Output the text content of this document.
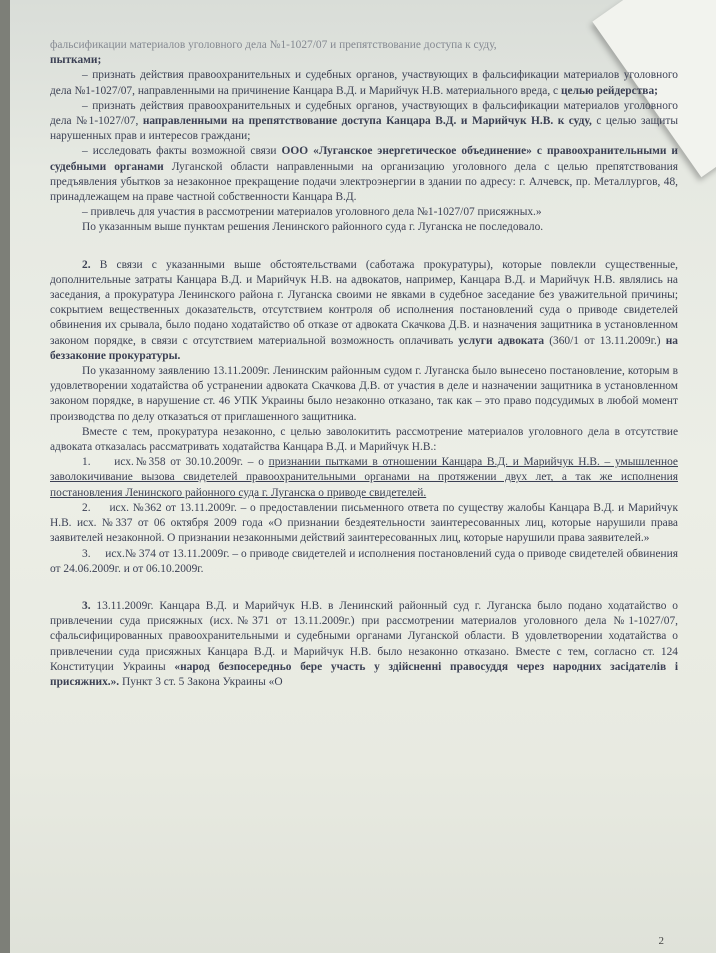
фальсификации материалов уголовного дела №1-1027/07 и препятствование доступа к суду,

пытками;

– признать действия правоохранительных и судебных органов, участвующих в фальсификации материалов уголовного дела №1-1027/07, направленными на причинение Канцара В.Д. и Марийчук Н.В. материального вреда, с целью рейдерства;

– признать действия правоохранительных и судебных органов, участвующих в фальсификации материалов уголовного дела №1-1027/07, направленными на препятствование доступа Канцара В.Д. и Марийчук Н.В. к суду, с целью защиты нарушенных прав и интересов граждани;

– исследовать факты возможной связи ООО «Луганское энергетическое объединение» с правоохранительными и судебными органами Луганской области направленными на организацию уголовного дела с целью препятствования предъявления убытков за незаконное прекращение подачи электроэнергии в здании по адресу: г. Алчевск, пр. Металлургов, 48, принадлежащем на праве частной собственности Канцара В.Д.

– привлечь для участия в рассмотрении материалов уголовного дела №1-1027/07 присяжных.»

По указанным выше пунктам решения Ленинского районного суда г. Луганска не последовало.

2. В связи с указанными выше обстоятельствами (саботажа прокуратуры), которые повлекли существенные, дополнительные затраты Канцара В.Д. и Марийчук Н.В. на адвокатов, например, Канцара В.Д. и Марийчук Н.В. являлись на заседания, а прокуратура Ленинского района г. Луганска своими не явками в судебное заседание без уважительной причины; сокрытием вещественных доказательств, отсутствием контроля об исполнения постановлений суда о приводе свидетелей обвинения их срывала, было подано ходатайство об отказе от адвоката Скачкова Д.В. и назначения защитника в установленном законом порядке, в связи с отсутствием материальной возможность оплачивать услуги адвоката (360/1 от 13.11.2009г.) на беззаконие прокуратуры.

По указанному заявлению 13.11.2009г. Ленинским районным судом г. Луганска было вынесено постановление, которым в удовлетворении ходатайства об устранении адвоката Скачкова Д.В. от участия в деле и назначении защитника в установленном законом порядке, в нарушение ст. 46 УПК Украины было незаконно отказано, так как – это право подсудимых в любой момент производства по делу отказаться от приглашенного защитника.

Вместе с тем, прокуратура незаконно, с целью заволокитить рассмотрение материалов уголовного дела в отсутствие адвоката отказалась рассматривать ходатайства Канцара В.Д. и Марийчук Н.В.:

1. исх.№358 от 30.10.2009г. – о признании пытками в отношении Канцара В.Д. и Марийчук Н.В. – умышленное заволокичивание вызова свидетелей правоохранительными органами на протяжении двух лет, а так же исполнения постановления Ленинского районного суда г. Луганска о приводе свидетелей.

2. исх. №362 от 13.11.2009г. – о предоставлении письменного ответа по существу жалобы Канцара В.Д. и Марийчук Н.В. исх. №337 от 06 октября 2009 года «О признании бездеятельности заинтересованных лиц, которые нарушили права заявителей незаконной. О признании незаконными действий заинтересованных лиц, которые нарушили права заявителей.»

3. исх.№ 374 от 13.11.2009г. – о приводе свидетелей и исполнения постановлений суда о приводе свидетелей обвинения от 24.06.2009г. и от 06.10.2009г.

3. 13.11.2009г. Канцара В.Д. и Марийчук Н.В. в Ленинский районный суд г. Луганска было подано ходатайство о привлечении суда присяжных (исх.№371 от 13.11.2009г.) при рассмотрении материалов уголовного дела №1-1027/07, сфальсифицированных правоохранительными и судебными органами Луганской области. В удовлетворении ходатайства о привлечении суда присяжных Канцара В.Д. и Марийчук Н.В. было незаконно отказано. Вместе с тем, согласно ст. 124 Конституции Украины «народ безпосередньо бере участь у здійсненні правосуддя через народних засідателів і присяжних.». Пункт 3 ст. 5 Закона Украины «О

2
